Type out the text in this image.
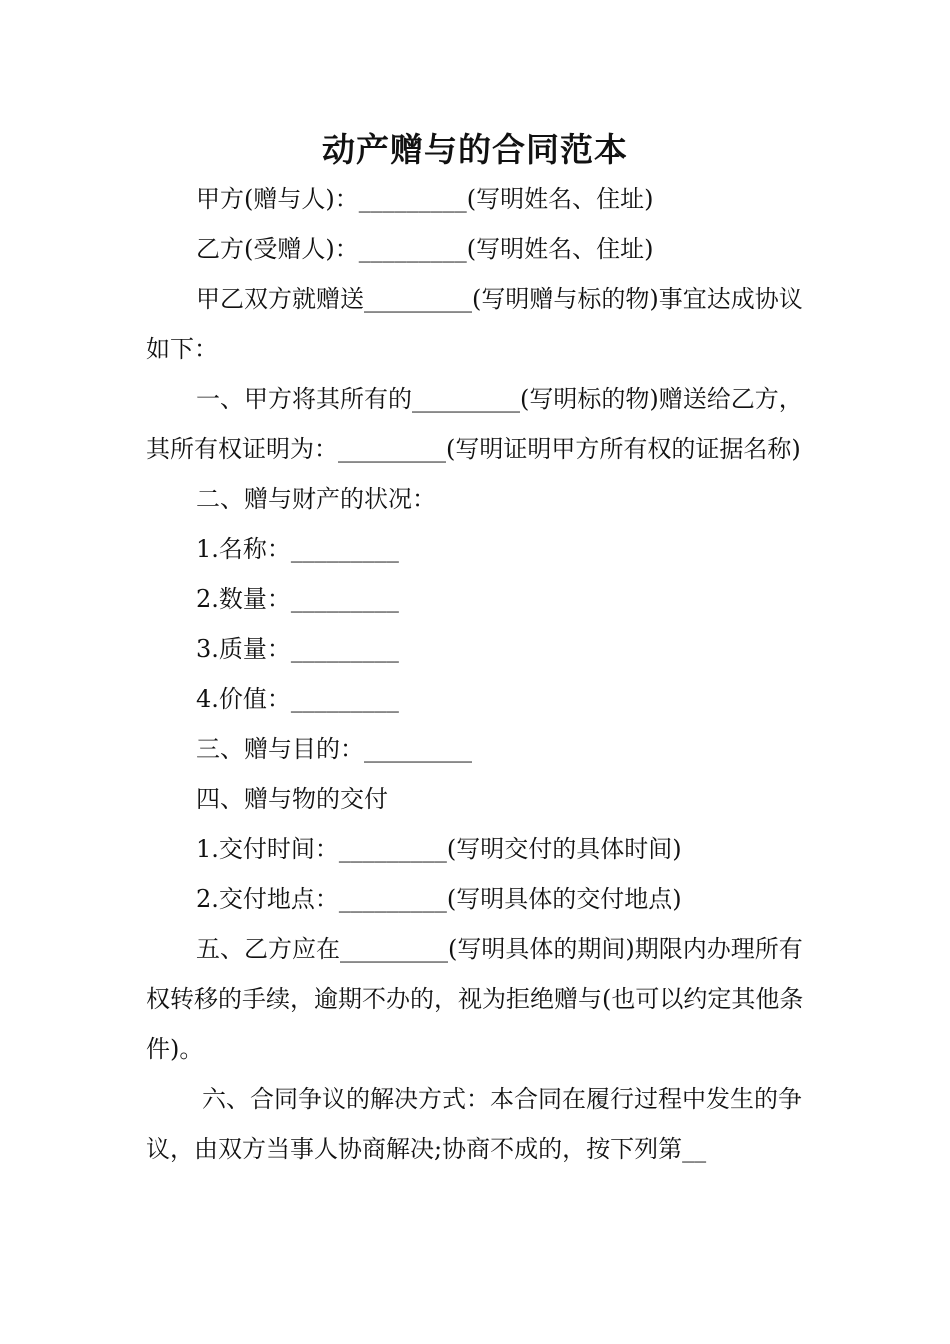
动产赠与的合同范本

甲方(赠与人)：_________(写明姓名、住址)

乙方(受赠人)：_________(写明姓名、住址)

甲乙双方就赠送_________(写明赠与标的物)事宜达成协议如下：

一、甲方将其所有的_________(写明标的物)赠送给乙方，其所有权证明为：_________(写明证明甲方所有权的证据名称)

二、赠与财产的状况：

1.名称：_________

2.数量：_________

3.质量：_________

4.价值：_________

三、赠与目的：_________

四、赠与物的交付

1.交付时间：_________(写明交付的具体时间)

2.交付地点：_________(写明具体的交付地点)

五、乙方应在_________(写明具体的期间)期限内办理所有权转移的手续，逾期不办的，视为拒绝赠与(也可以约定其他条件)。

六、合同争议的解决方式：本合同在履行过程中发生的争议，由双方当事人协商解决;协商不成的，按下列第__
